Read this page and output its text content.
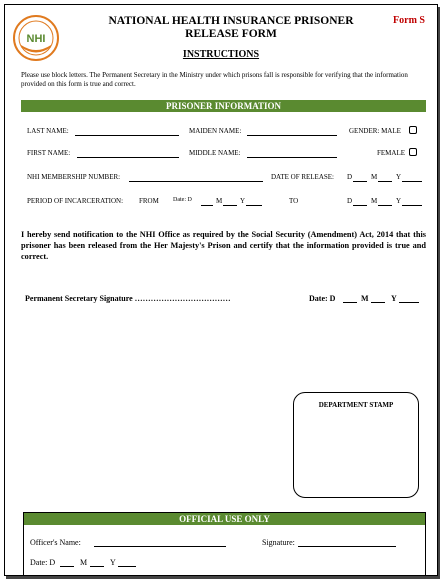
NHI
NATIONAL HEALTH INSURANCE PRISONER RELEASE FORM
Form S
INSTRUCTIONS
Please use block letters. The Permanent Secretary in the Ministry under which prisons fall is responsible for verifying that the information provided on this form is true and correct.
PRISONER INFORMATION
LAST NAME:	MAIDEN NAME:	GENDER: MALE
FIRST NAME:	MIDDLE NAME:	FEMALE
NHI MEMBERSHIP NUMBER:	DATE OF RELEASE: D	M	Y
PERIOD OF INCARCERATION: FROM Date: D	M	Y	TO	D	M	Y
I hereby send notification to the NHI Office as required by the Social Security (Amendment) Act, 2014 that this prisoner has been released from the Her Majesty's Prison and certify that the information provided is true and correct.
Permanent Secretary Signature ………………………………	Date: D	M	Y
DEPARTMENT STAMP
OFFICIAL USE ONLY
Officer's Name:	Signature:
Date: D	M	Y
